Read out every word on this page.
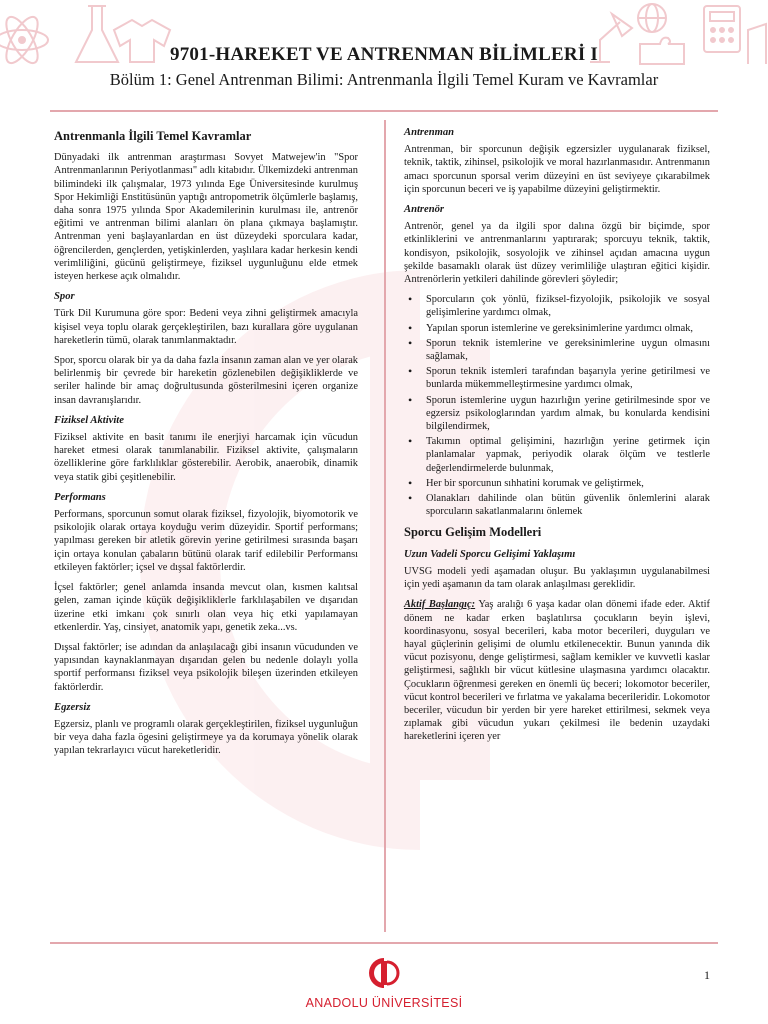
9701-HAREKET VE ANTRENMAN BİLİMLERİ I
Bölüm 1: Genel Antrenman Bilimi: Antrenmanla İlgili Temel Kuram ve Kavramlar
Antrenmanla İlgili Temel Kavramlar

Dünyadaki ilk antrenman araştırması Sovyet Matwejew'in "Spor Antrenmanlarının Periyotlanması" adlı kitabıdır. Ülkemizdeki antrenman bilimindeki ilk çalışmalar, 1973 yılında Ege Üniversitesinde kurulmuş Spor Hekimliği Enstitüsünün yaptığı antropometrik ölçümlerle başlamış, daha sonra 1975 yılında Spor Akademilerinin kurulması ile, antrenör eğitimi ve antrenman bilimi alanları ön plana çıkmaya başlamıştır. Antrenman yeni başlayanlardan en üst düzeydeki sporculara kadar, öğrencilerden, gençlerden, yetişkinlerden, yaşlılara kadar herkesin kendi verimliliğini, gücünü geliştirmeye, fiziksel uygunluğunu elde etmek isteyen herkese açık olmalıdır.

Spor

Türk Dil Kurumuna göre spor: Bedeni veya zihni geliştirmek amacıyla kişisel veya toplu olarak gerçekleştirilen, bazı kurallara göre uygulanan hareketlerin tümü, olarak tanımlanmaktadır.

Spor, sporcu olarak bir ya da daha fazla insanın zaman alan ve yer olarak belirlenmiş bir çevrede bir hareketin gözlenebilen değişikliklerde ve seriler halinde bir amaç doğrultusunda gösterilmesini içeren organize insan davranışlarıdır.

Fiziksel Aktivite

Fiziksel aktivite en basit tanımı ile enerjiyi harcamak için vücudun hareket etmesi olarak tanımlanabilir. Fiziksel aktivite, çalışmaların özelliklerine göre farklılıklar gösterebilir. Aerobik, anaerobik, dinamik veya statik gibi çeşitlenebilir.

Performans

Performans, sporcunun somut olarak fiziksel, fizyolojik, biyomotorik ve psikolojik olarak ortaya koyduğu verim düzeyidir. Sportif performans; yapılması gereken bir atletik görevin yerine getirilmesi sırasında başarı için ortaya konulan çabaların bütünü olarak tarif edilebilir Performansı etkileyen faktörler; içsel ve dışsal faktörlerdir.

İçsel faktörler; genel anlamda insanda mevcut olan, kısmen kalıtsal gelen, zaman içinde küçük değişikliklerle farklılaşabilen ve dışarıdan üzerine etki imkanı çok sınırlı olan veya hiç etki yapılamayan etkenlerdir. Yaş, cinsiyet, anatomik yapı, genetik zeka...vs.

Dışsal faktörler; ise adından da anlaşılacağı gibi insanın vücudunden ve yapısından kaynaklanmayan dışarıdan gelen bu nedenle dolaylı yolla sportif performansı fiziksel veya psikolojik bileşen üzerinden etkileyen faktörlerdir.

Egzersiz

Egzersiz, planlı ve programlı olarak gerçekleştirilen, fiziksel uygunluğun bir veya daha fazla ögesini geliştirmeye ya da korumaya yönelik olarak yapılan tekrarlayıcı vücut hareketleridir.

Antrenman

Antrenman, bir sporcunun değişik egzersizler uygulanarak fiziksel, teknik, taktik, zihinsel, psikolojik ve moral hazırlanmasıdır. Antrenmanın amacı sporcunun sporsal verim düzeyini en üst seviyeye çıkarabilmek için sporcunun beceri ve iş yapabilme düzeyini geliştirmektir.

Antrenör

Antrenör, genel ya da ilgili spor dalına özgü bir biçimde, spor etkinliklerini ve antrenmanlarını yaptırarak; sporcuyu teknik, taktik, kondisyon, psikolojik, sosyolojik ve zihinsel açıdan amacına uygun şekilde basamaklı olarak üst düzey verimliliğe ulaştıran eğitici kişidir. Antrenörlerin yetkileri dahilinde görevleri şöyledir;

• Sporcuların çok yönlü, fiziksel-fizyolojik, psikolojik ve sosyal gelişimlerine yardımcı olmak,
• Yapılan sporun istemlerine ve gereksinimlerine yardımcı olmak,
• Sporun teknik istemlerine ve gereksinimlerine uygun olmasını sağlamak,
• Sporun teknik istemleri tarafından başarıyla yerine getirilmesi ve bunlarda mükemmelleştirmesine yardımcı olmak,
• Sporun istemlerine uygun hazırlığın yerine getirilmesinde spor ve egzersiz psikologlarından yardım almak, bu konularda kendisini bilgilendirmek,
• Takımın optimal gelişimini, hazırlığın yerine getirmek için planlamalar yapmak, periyodik olarak ölçüm ve testlerle değerlendirmelerde bulunmak,
• Her bir sporcunun sıhhatini korumak ve geliştirmek,
• Olanakları dahilinde olan bütün güvenlik önlemlerini alarak sporcuların sakatlanmalarını önlemek
Sporcu Gelişim Modelleri
Uzun Vadeli Sporcu Gelişimi Yaklaşımı

UVSG modeli yedi aşamadan oluşur. Bu yaklaşımın uygulanabilmesi için yedi aşamanın da tam olarak anlaşılması gereklidir.

Aktif Başlangıç: Yaş aralığı 6 yaşa kadar olan dönemi ifade eder. Aktif dönem ne kadar erken başlatılırsa çocukların beyin işlevi, koordinasyonu, sosyal becerileri, kaba motor becerileri, duyguları ve hayal güçlerinin gelişimi de olumlu etkilenecektir. Bunun yanında dik vücut pozisyonu, denge geliştirmesi, sağlam kemikler ve kuvvetli kaslar geliştirmesi, sağlıklı bir vücut kütlesine ulaşmasına yardımcı olacaktır. Çocukların öğrenmesi gereken en önemli üç beceri; lokomotor beceriler, vücut kontrol becerileri ve fırlatma ve yakalama becerileridir. Lokomotor beceriler, vücudun bir yerden bir yere hareket ettirilmesi, sekmek veya zıplamak gibi vücudun yukarı çekilmesi ile bedenin uzaydaki hareketlerini içeren yer

ANADOLU ÜNİVERSİTESİ
1
